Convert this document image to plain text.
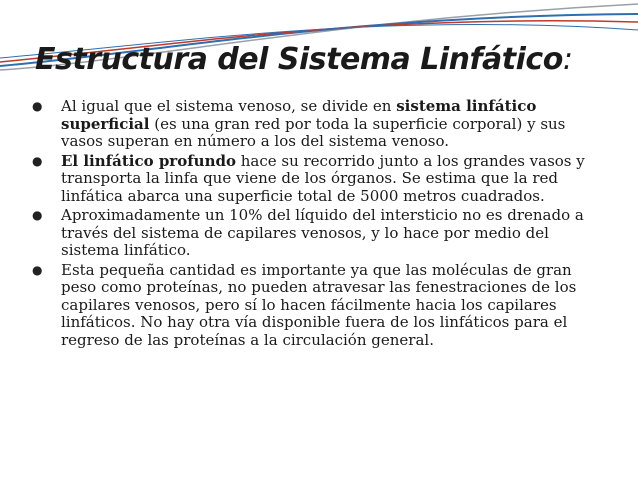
Estructura del Sistema Linfático:
● Al igual que el sistema venoso, se divide en sistema linfático superficial (es una gran red por toda la superficie corporal) y sus vasos superan en número a los del sistema venoso.
● El linfático profundo hace su recorrido junto a los grandes vasos y transporta la linfa que viene de los órganos. Se estima que la red linfática abarca una superficie total de 5000 metros cuadrados.
● Aproximadamente un 10% del líquido del intersticio no es drenado a través del sistema de capilares venosos, y lo hace por medio del sistema linfático.
● Esta pequeña cantidad es importante ya que las moléculas de gran peso como proteínas, no pueden atravesar las fenestraciones de los capilares venosos, pero sí lo hacen fácilmente hacia los capilares linfáticos. No hay otra vía disponible fuera de los linfáticos para el regreso de las proteínas a la circulación general.
